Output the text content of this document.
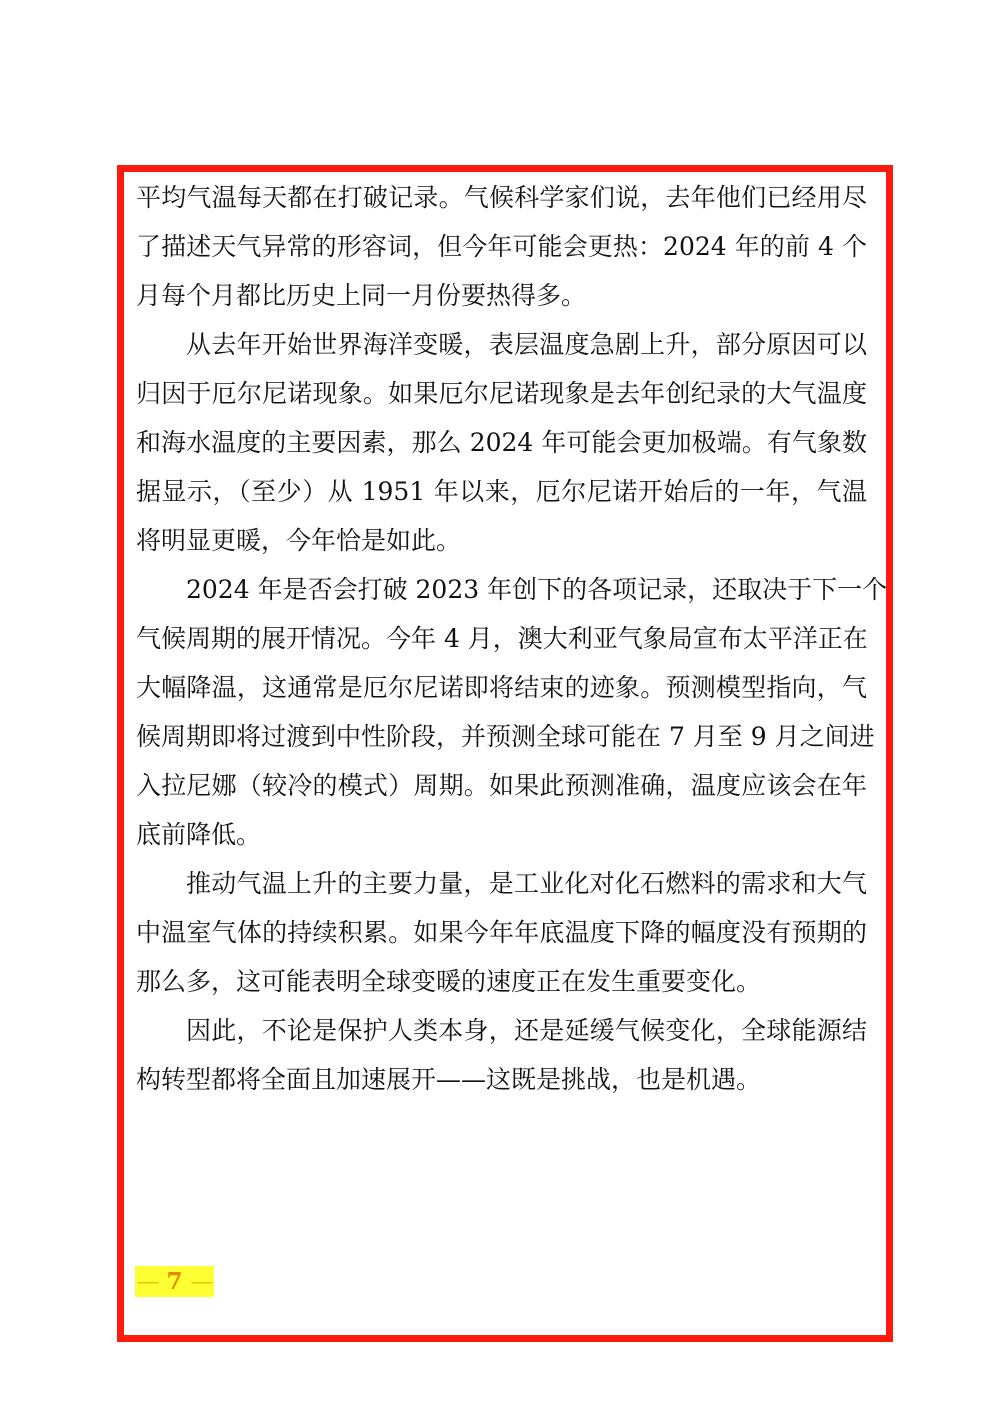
平均气温每天都在打破记录。气候科学家们说，去年他们已经用尽
了描述天气异常的形容词，但今年可能会更热：2024 年的前 4 个
月每个月都比历史上同一月份要热得多。
从去年开始世界海洋变暖，表层温度急剧上升，部分原因可以
归因于厄尔尼诺现象。如果厄尔尼诺现象是去年创纪录的大气温度
和海水温度的主要因素，那么 2024 年可能会更加极端。有气象数
据显示，（至少）从 1951 年以来，厄尔尼诺开始后的一年，气温
将明显更暖，今年恰是如此。
2024 年是否会打破 2023 年创下的各项记录，还取决于下一个
气候周期的展开情况。今年 4 月，澳大利亚气象局宣布太平洋正在
大幅降温，这通常是厄尔尼诺即将结束的迹象。预测模型指向，气
候周期即将过渡到中性阶段，并预测全球可能在 7 月至 9 月之间进
入拉尼娜（较冷的模式）周期。如果此预测准确，温度应该会在年
底前降低。
推动气温上升的主要力量，是工业化对化石燃料的需求和大气
中温室气体的持续积累。如果今年年底温度下降的幅度没有预期的
那么多，这可能表明全球变暖的速度正在发生重要变化。
因此，不论是保护人类本身，还是延缓气候变化，全球能源结
构转型都将全面且加速展开——这既是挑战，也是机遇。
— 7 —
